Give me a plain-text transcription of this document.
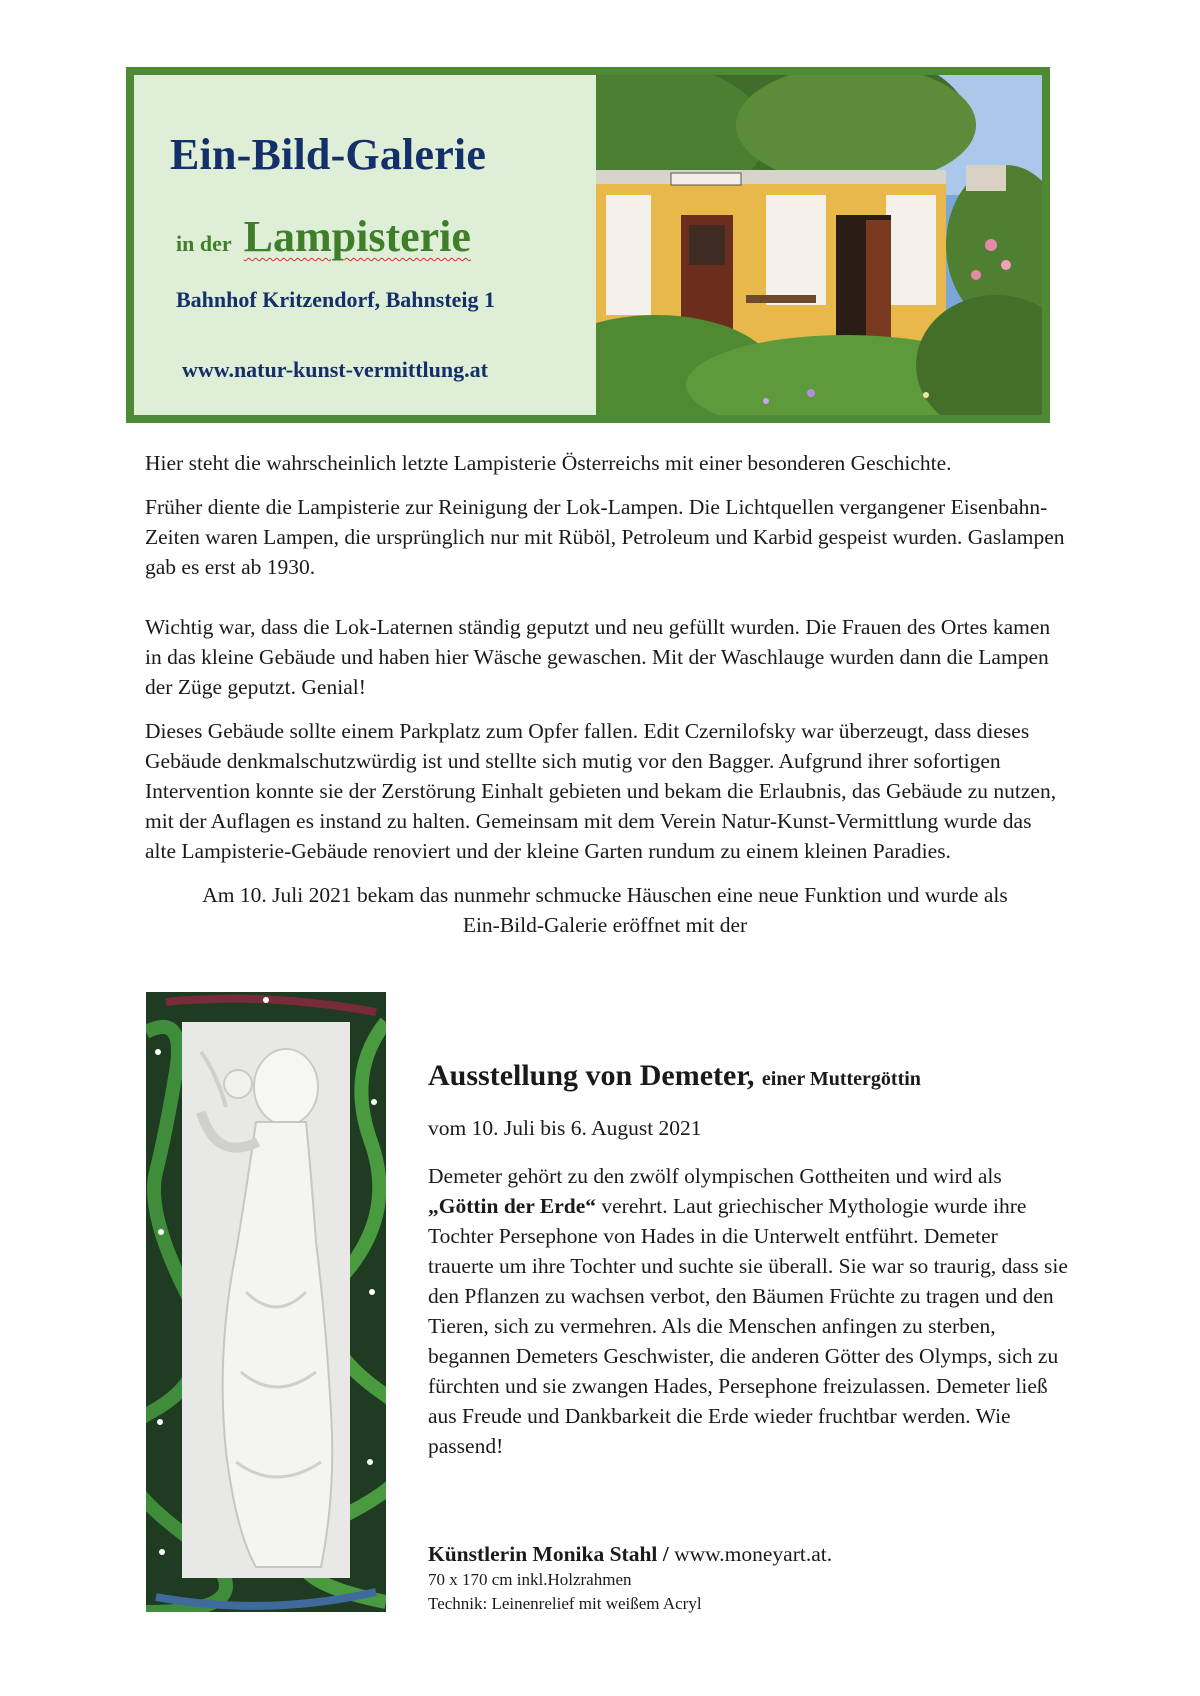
Ein-Bild-Galerie
in der Lampisterie
Bahnhof Kritzendorf, Bahnsteig 1
www.natur-kunst-vermittlung.at

Hier steht die wahrscheinlich letzte Lampisterie Österreichs mit einer besonderen Geschichte.

Früher diente die Lampisterie zur Reinigung der Lok-Lampen. Die Lichtquellen vergangener Eisenbahn-Zeiten waren Lampen, die ursprünglich nur mit Rüböl, Petroleum und Karbid gespeist wurden. Gaslampen gab es erst ab 1930.

Wichtig war, dass die Lok-Laternen ständig geputzt und neu gefüllt wurden. Die Frauen des Ortes kamen in das kleine Gebäude und haben hier Wäsche gewaschen. Mit der Waschlauge wurden dann die Lampen der Züge geputzt. Genial!

Dieses Gebäude sollte einem Parkplatz zum Opfer fallen. Edit Czernilofsky war überzeugt, dass dieses Gebäude denkmalschutzwürdig ist und stellte sich mutig vor den Bagger. Aufgrund ihrer sofortigen Intervention konnte sie der Zerstörung Einhalt gebieten und bekam die Erlaubnis, das Gebäude zu nutzen, mit der Auflagen es instand zu halten. Gemeinsam mit dem Verein Natur-Kunst-Vermittlung wurde das alte Lampisterie-Gebäude renoviert und der kleine Garten rundum zu einem kleinen Paradies.

Am 10. Juli 2021 bekam das nunmehr schmucke Häuschen eine neue Funktion und wurde als
Ein-Bild-Galerie eröffnet mit der

Ausstellung von Demeter, einer Muttergöttin

vom 10. Juli bis 6. August 2021

Demeter gehört zu den zwölf olympischen Gottheiten und wird als „Göttin der Erde“ verehrt. Laut griechischer Mythologie wurde ihre Tochter Persephone von Hades in die Unterwelt entführt. Demeter trauerte um ihre Tochter und suchte sie überall. Sie war so traurig, dass sie den Pflanzen zu wachsen verbot, den Bäumen Früchte zu tragen und den Tieren, sich zu vermehren. Als die Menschen anfingen zu sterben, begannen Demeters Geschwister, die anderen Götter des Olymps, sich zu fürchten und sie zwangen Hades, Persephone freizulassen. Demeter ließ aus Freude und Dankbarkeit die Erde wieder fruchtbar werden. Wie passend!

Künstlerin Monika Stahl / www.moneyart.at.
70 x 170 cm inkl.Holzrahmen
Technik: Leinenrelief mit weißem Acryl
